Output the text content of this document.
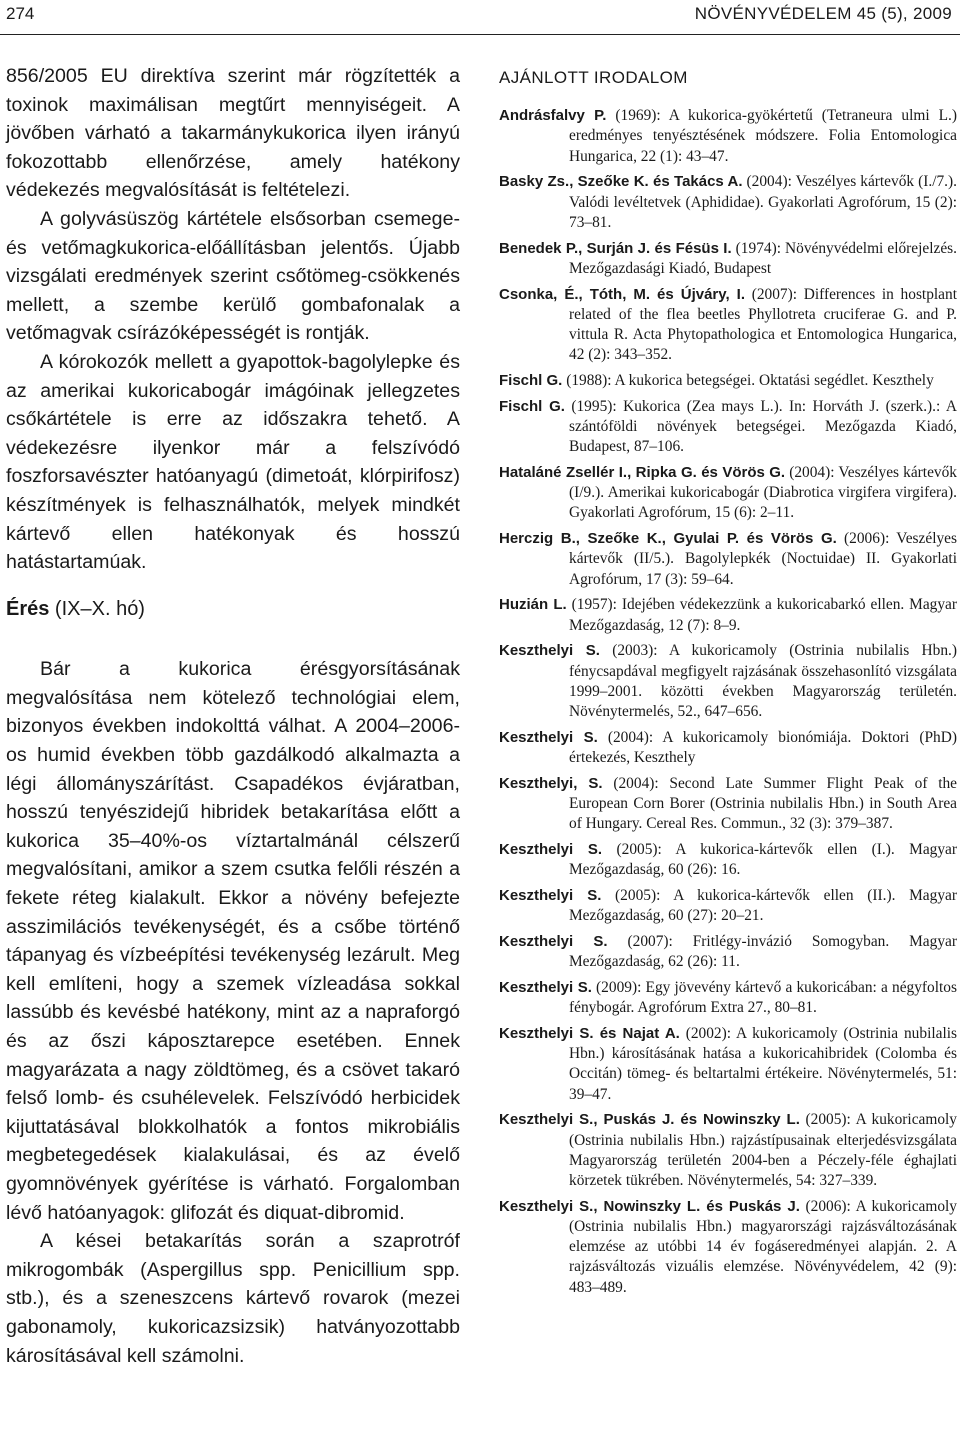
274	NÖVÉNYVÉDELEM 45 (5), 2009

856/2005 EU direktíva szerint már rögzítették a toxinok maximálisan megtűrt mennyiségeit. A jövőben várható a takarmánykukorica ilyen irányú fokozottabb ellenőrzése, amely hatékony védekezés megvalósítását is feltételezi.

A golyvásüszög kártétele elsősorban csemege- és vetőmagkukorica-előállításban jelentős. Újabb vizsgálati eredmények szerint csőtömeg-csökkenés mellett, a szembe kerülő gombafonalak a vetőmagvak csírázóképességét is rontják.

A kórokozók mellett a gyapottok-bagolylepke és az amerikai kukoricabogár imágóinak jellegzetes csőkártétele is erre az időszakra tehető. A védekezésre ilyenkor már a felszívódó foszforsavészter hatóanyagú (dimetoát, klórpirifosz) készítmények is felhasználhatók, melyek mindkét kártevő ellen hatékonyak és hosszú hatástartamúak.

Érés (IX–X. hó)

Bár a kukorica érésgyorsításának megvalósítása nem kötelező technológiai elem, bizonyos években indokolttá válhat. A 2004–2006-os humid években több gazdálkodó alkalmazta a légi állományszárítást. Csapadékos évjáratban, hosszú tenyészidejű hibridek betakarítása előtt a kukorica 35–40%-os víztartalmánál célszerű megvalósítani, amikor a szem csutka felőli részén a fekete réteg kialakult. Ekkor a növény befejezte asszimilációs tevékenységét, és a csőbe történő tápanyag és vízbeépítési tevékenység lezárult. Meg kell említeni, hogy a szemek vízleadása sokkal lassúbb és kevésbé hatékony, mint az a napraforgó és az őszi káposztarepce esetében. Ennek magyarázata a nagy zöldtömeg, és a csövet takaró felső lomb- és csuhélevelek. Felszívódó herbicidek kijuttatásával blokkolhatók a fontos mikrobiális megbetegedések kialakulásai, és az évelő gyomnövények gyérítése is várható. Forgalomban lévő hatóanyagok: glifozát és diquat-dibromid.

A kései betakarítás során a szaprotróf mikrogombák (Aspergillus spp. Penicillium spp. stb.), és a szeneszcens kártevő rovarok (mezei gabonamoly, kukoricazsizsik) hatványozottabb károsításával kell számolni.

AJÁNLOTT IRODALOM

Andrásfalvy P. (1969): A kukorica-gyökértetű (Tetraneura ulmi L.) eredményes tenyésztésének módszere. Folia Entomologica Hungarica, 22 (1): 43–47.

Basky Zs., Szeőke K. és Takács A. (2004): Veszélyes kártevők (I./7.). Valódi levéltetvek (Aphididae). Gyakorlati Agrofórum, 15 (2): 73–81.

Benedek P., Surján J. és Fésüs I. (1974): Növényvédelmi előrejelzés. Mezőgazdasági Kiadó, Budapest

Csonka, É., Tóth, M. és Újváry, I. (2007): Differences in hostplant related of the flea beetles Phyllotreta cruciferae G. and P. vittula R. Acta Phytopathologica et Entomologica Hungarica, 42 (2): 343–352.

Fischl G. (1988): A kukorica betegségei. Oktatási segédlet. Keszthely

Fischl G. (1995): Kukorica (Zea mays L.). In: Horváth J. (szerk.).: A szántóföldi növények betegségei. Mezőgazda Kiadó, Budapest, 87–106.

Hataláné Zsellér I., Ripka G. és Vörös G. (2004): Veszélyes kártevők (I/9.). Amerikai kukoricabogár (Diabrotica virgifera virgifera). Gyakorlati Agrofórum, 15 (6): 2–11.

Herczig B., Szeőke K., Gyulai P. és Vörös G. (2006): Veszélyes kártevők (II/5.). Bagolylepkék (Noctuidae) II. Gyakorlati Agrofórum, 17 (3): 59–64.

Huzián L. (1957): Idejében védekezzünk a kukoricabarkó ellen. Magyar Mezőgazdaság, 12 (7): 8–9.

Keszthelyi S. (2003): A kukoricamoly (Ostrinia nubilalis Hbn.) fénycsapdával megfigyelt rajzásának összehasonlító vizsgálata 1999–2001. közötti években Magyarország területén. Növénytermelés, 52., 647–656.

Keszthelyi S. (2004): A kukoricamoly bionómiája. Doktori (PhD) értekezés, Keszthely

Keszthelyi, S. (2004): Second Late Summer Flight Peak of the European Corn Borer (Ostrinia nubilalis Hbn.) in South Area of Hungary. Cereal Res. Commun., 32 (3): 379–387.

Keszthelyi S. (2005): A kukorica-kártevők ellen (I.). Magyar Mezőgazdaság, 60 (26): 16.

Keszthelyi S. (2005): A kukorica-kártevők ellen (II.). Magyar Mezőgazdaság, 60 (27): 20–21.

Keszthelyi S. (2007): Fritlégy-invázió Somogyban. Magyar Mezőgazdaság, 62 (26): 11.

Keszthelyi S. (2009): Egy jövevény kártevő a kukoricában: a négyfoltos fénybogár. Agrofórum Extra 27., 80–81.

Keszthelyi S. és Najat A. (2002): A kukoricamoly (Ostrinia nubilalis Hbn.) károsításának hatása a kukoricahibridek (Colomba és Occitán) tömeg- és beltartalmi értékeire. Növénytermelés, 51: 39–47.

Keszthelyi S., Puskás J. és Nowinszky L. (2005): A kukoricamoly (Ostrinia nubilalis Hbn.) rajzástípusainak elterjedésvizsgálata Magyarország területén 2004-ben a Péczely-féle éghajlati körzetek tükrében. Növénytermelés, 54: 327–339.

Keszthelyi S., Nowinszky L. és Puskás J. (2006): A kukoricamoly (Ostrinia nubilalis Hbn.) magyarországi rajzásváltozásának elemzése az utóbbi 14 év fogáseredményei alapján. 2. A rajzásváltozás vizuális elemzése. Növényvédelem, 42 (9): 483–489.
